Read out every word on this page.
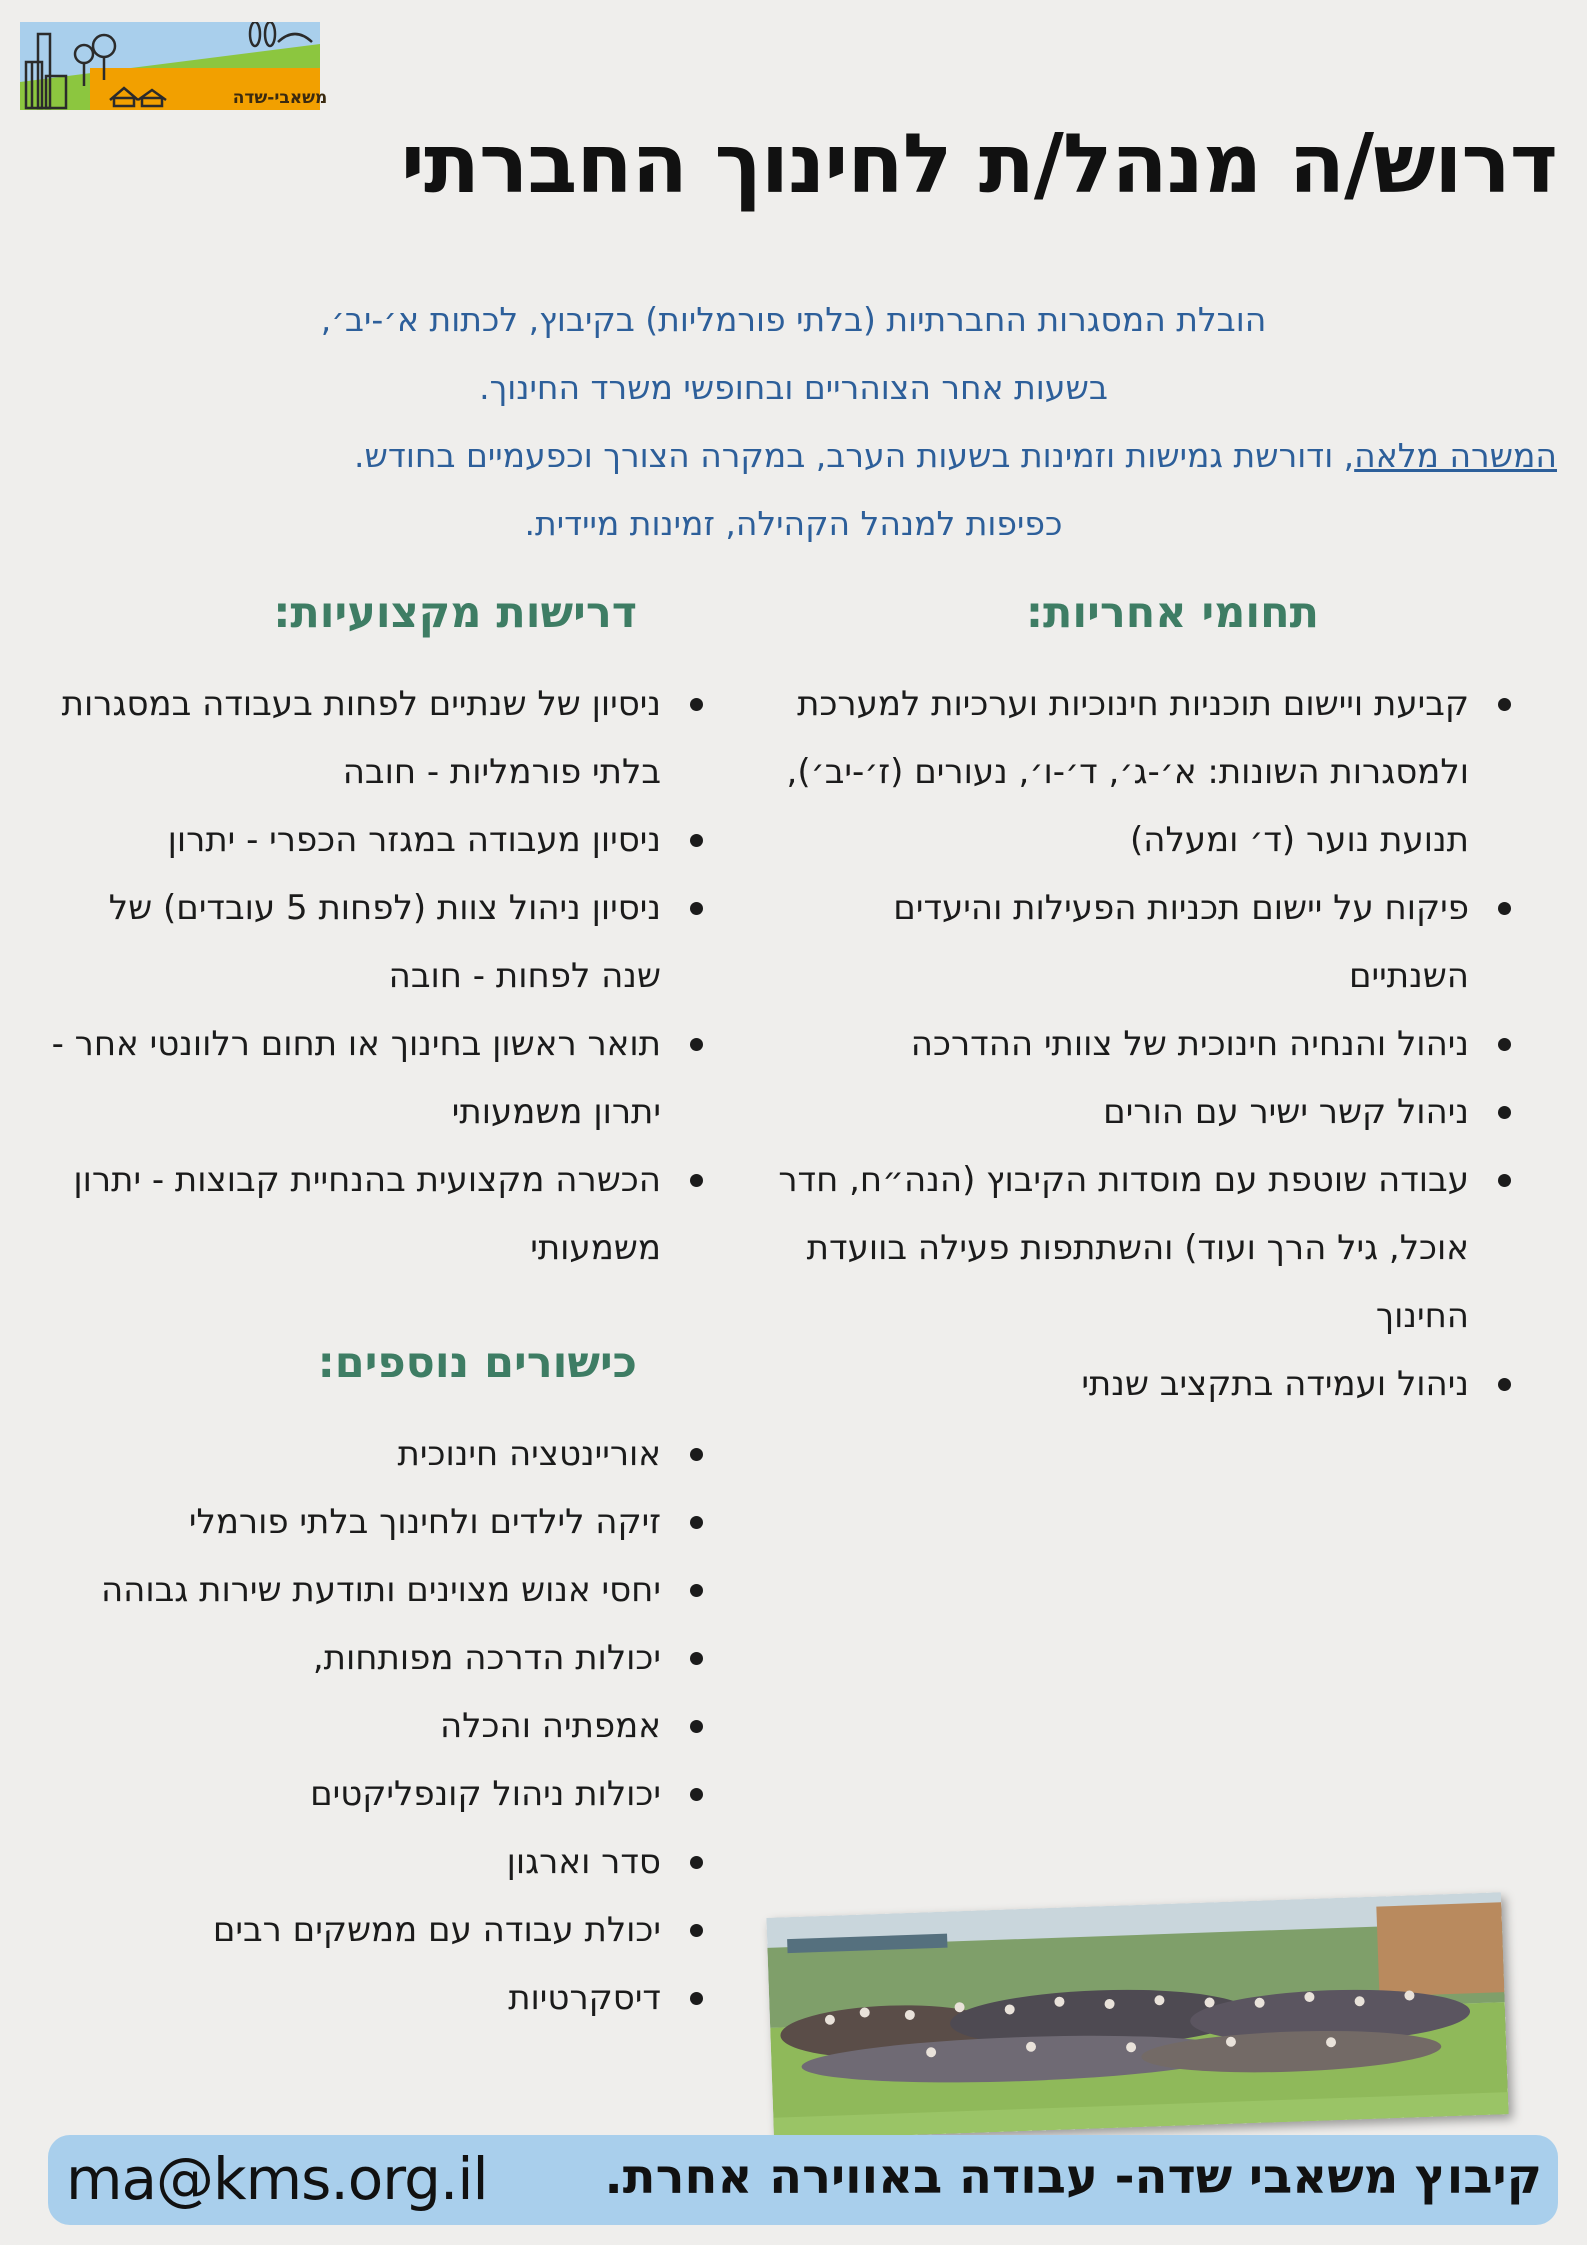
משאבי-שדה
דרוש/ה מנהל/ת לחינוך החברתי
הובלת המסגרות החברתיות (בלתי פורמליות) בקיבוץ, לכתות א׳-יב׳,
בשעות אחר הצוהריים ובחופשי משרד החינוך.
המשרה מלאה, ודורשת גמישות וזמינות בשעות הערב, במקרה הצורך וכפעמיים בחודש.
כפיפות למנהל הקהילה, זמינות מיידית.
תחומי אחריות:
קביעת ויישום תוכניות חינוכיות וערכיות למערכת ולמסגרות השונות: א׳-ג׳, ד׳-ו׳, נעורים (ז׳-יב׳), תנועת נוער (ד׳ ומעלה)
פיקוח על יישום תכניות הפעילות והיעדים השנתיים
ניהול והנחיה חינוכית של צוותי ההדרכה
ניהול קשר ישיר עם הורים
עבודה שוטפת עם מוסדות הקיבוץ (הנה״ח, חדר אוכל, גיל הרך ועוד) והשתתפות פעילה בוועדת החינוך
ניהול ועמידה בתקציב שנתי
דרישות מקצועיות:
ניסיון של שנתיים לפחות בעבודה במסגרות בלתי פורמליות - חובה
ניסיון מעבודה במגזר הכפרי - יתרון
ניסיון ניהול צוות (לפחות 5 עובדים) של שנה לפחות - חובה
תואר ראשון בחינוך או תחום רלוונטי אחר - יתרון משמעותי
הכשרה מקצועית בהנחיית קבוצות - יתרון משמעותי
כישורים נוספים:
אוריינטציה חינוכית
זיקה לילדים ולחינוך בלתי פורמלי
יחסי אנוש מצוינים ותודעת שירות גבוהה
יכולות הדרכה מפותחות,
אמפתיה והכלה
יכולות ניהול קונפליקטים
סדר וארגון
יכולת עבודה עם ממשקים רבים
דיסקרטיות
ma@kms.org.il קיבוץ משאבי שדה- עבודה באווירה אחרת.
